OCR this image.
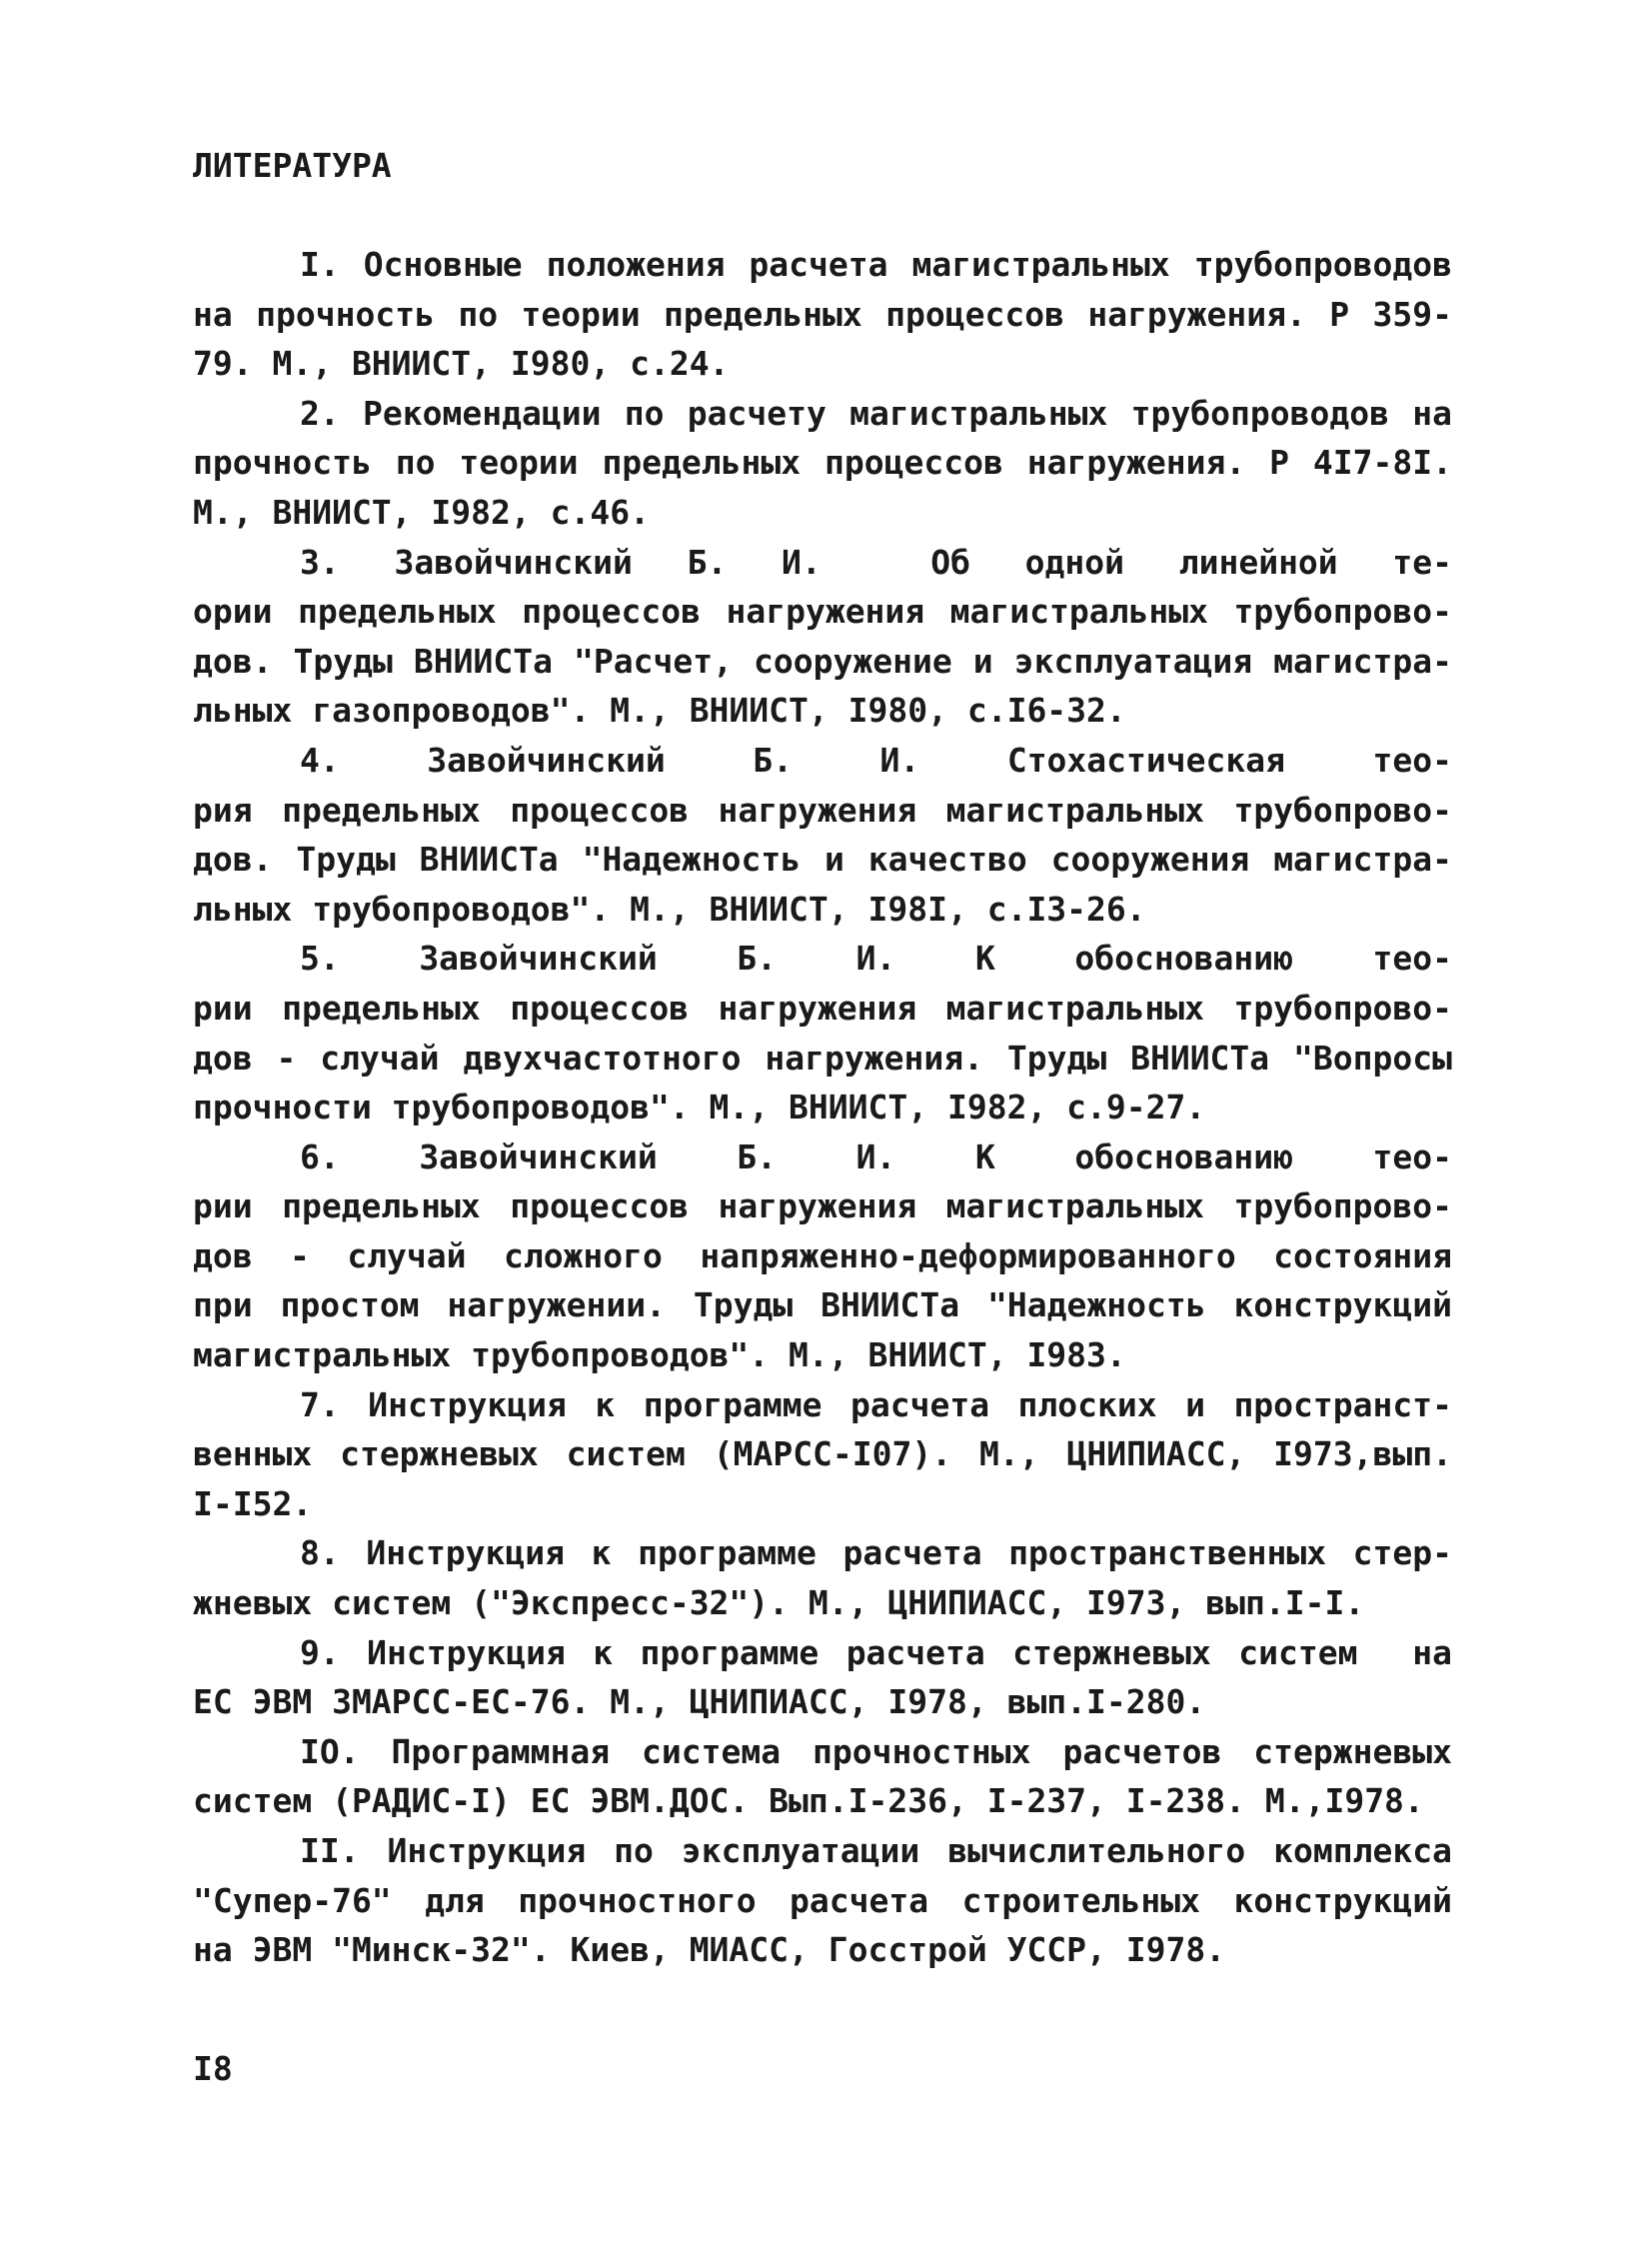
ЛИТЕРАТУРА
I. Основные положения расчета магистральных трубопроводов
на прочность по теории предельных процессов нагружения. Р 359-
79. М., ВНИИСТ, I980, с.24.
2. Рекомендации по расчету магистральных трубопроводов на
прочность по теории предельных процессов нагружения. Р 4I7-8I.
М., ВНИИСТ, I982, с.46.
3. Завойчинский Б. И.  Об одной линейной те-
ории предельных процессов нагружения магистральных трубопрово-
дов. Труды ВНИИСТа "Расчет, сооружение и эксплуатация магистра-
льных газопроводов". М., ВНИИСТ, I980, с.I6-32.
4. Завойчинский Б. И. Стохастическая тео-
рия предельных процессов нагружения магистральных трубопрово-
дов. Труды ВНИИСТа "Надежность и качество сооружения магистра-
льных трубопроводов". М., ВНИИСТ, I98I, с.I3-26.
5. Завойчинский Б. И. К обоснованию тео-
рии предельных процессов нагружения магистральных трубопрово-
дов - случай двухчастотного нагружения. Труды ВНИИСТа "Вопросы
прочности трубопроводов". М., ВНИИСТ, I982, с.9-27.
6. Завойчинский Б. И. К обоснованию тео-
рии предельных процессов нагружения магистральных трубопрово-
дов - случай сложного напряженно-деформированного состояния
при простом нагружении. Труды ВНИИСТа "Надежность конструкций
магистральных трубопроводов". М., ВНИИСТ, I983.
7. Инструкция к программе расчета плоских и пространст-
венных стержневых систем (МАРСС-I07). М., ЦНИПИАСС, I973,вып.
I-I52.
8. Инструкция к программе расчета пространственных стер-
жневых систем ("Экспресс-32"). М., ЦНИПИАСС, I973, вып.I-I.
9. Инструкция к программе расчета стержневых систем  на
ЕС ЭВМ ЗМАРСС-ЕС-76. М., ЦНИПИАСС, I978, вып.I-280.
IO. Программная система прочностных расчетов стержневых
систем (РАДИС-I) ЕС ЭВМ.ДОС. Вып.I-236, I-237, I-238. М.,I978.
II. Инструкция по эксплуатации вычислительного комплекса
"Супер-76" для прочностного расчета строительных конструкций
на ЭВМ "Минск-32". Киев, МИАСС, Госстрой УССР, I978.
I8
